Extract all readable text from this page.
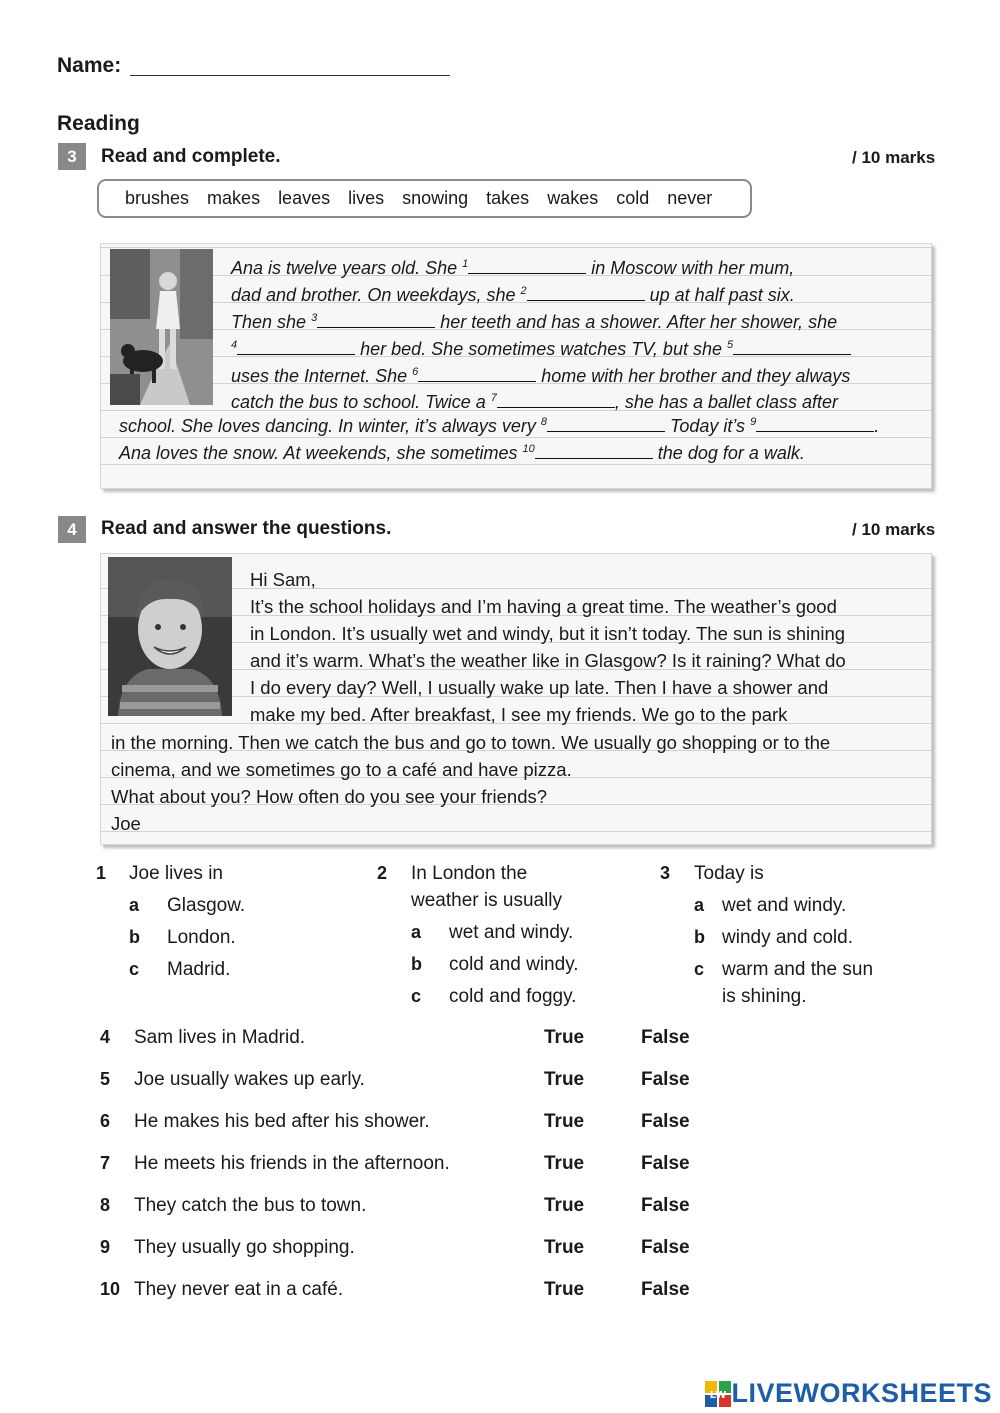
Name:
Reading
3	Read and complete.	/ 10 marks
brushes makes leaves lives snowing takes wakes cold never
Ana is twelve years old. She $^1$	in Moscow with her mum,
dad and brother. On weekdays, she $^2$	up at half past six.
Then she $^3$	her teeth and has a shower. After her shower, she
$^4$	her bed. She sometimes watches TV, but she $^5$
uses the Internet. She $^6$	home with her brother and they always
catch the bus to school. Twice a $^7$	, she has a ballet class after
school. She loves dancing. In winter, it’s always very $^8$	Today it’s $^9$	.
Ana loves the snow. At weekends, she sometimes $^{10}$	the dog for a walk.
4	Read and answer the questions.	/ 10 marks
Hi Sam,
It’s the school holidays and I’m having a great time. The weather’s good
in London. It’s usually wet and windy, but it isn’t today. The sun is shining
and it’s warm. What’s the weather like in Glasgow? Is it raining? What do
I do every day? Well, I usually wake up late. Then I have a shower and
make my bed. After breakfast, I see my friends. We go to the park
in the morning. Then we catch the bus and go to town. We usually go shopping or to the
cinema, and we sometimes go to a café and have pizza.
What about you? How often do you see your friends?
Joe
1 Joe lives in
a Glasgow.
b London.
c Madrid.
2 In London the
weather is usually
a wet and windy.
b cold and windy.
c cold and foggy.
3 Today is
a wet and windy.
b windy and cold.
c warm and the sun
is shining.
4 Sam lives in Madrid.	True	False
5 Joe usually wakes up early.	True	False
6 He makes his bed after his shower.	True	False
7 He meets his friends in the afternoon.	True	False
8 They catch the bus to town.	True	False
9 They usually go shopping.	True	False
10 They never eat in a café.	True	False
LW LIVEWORKSHEETS
